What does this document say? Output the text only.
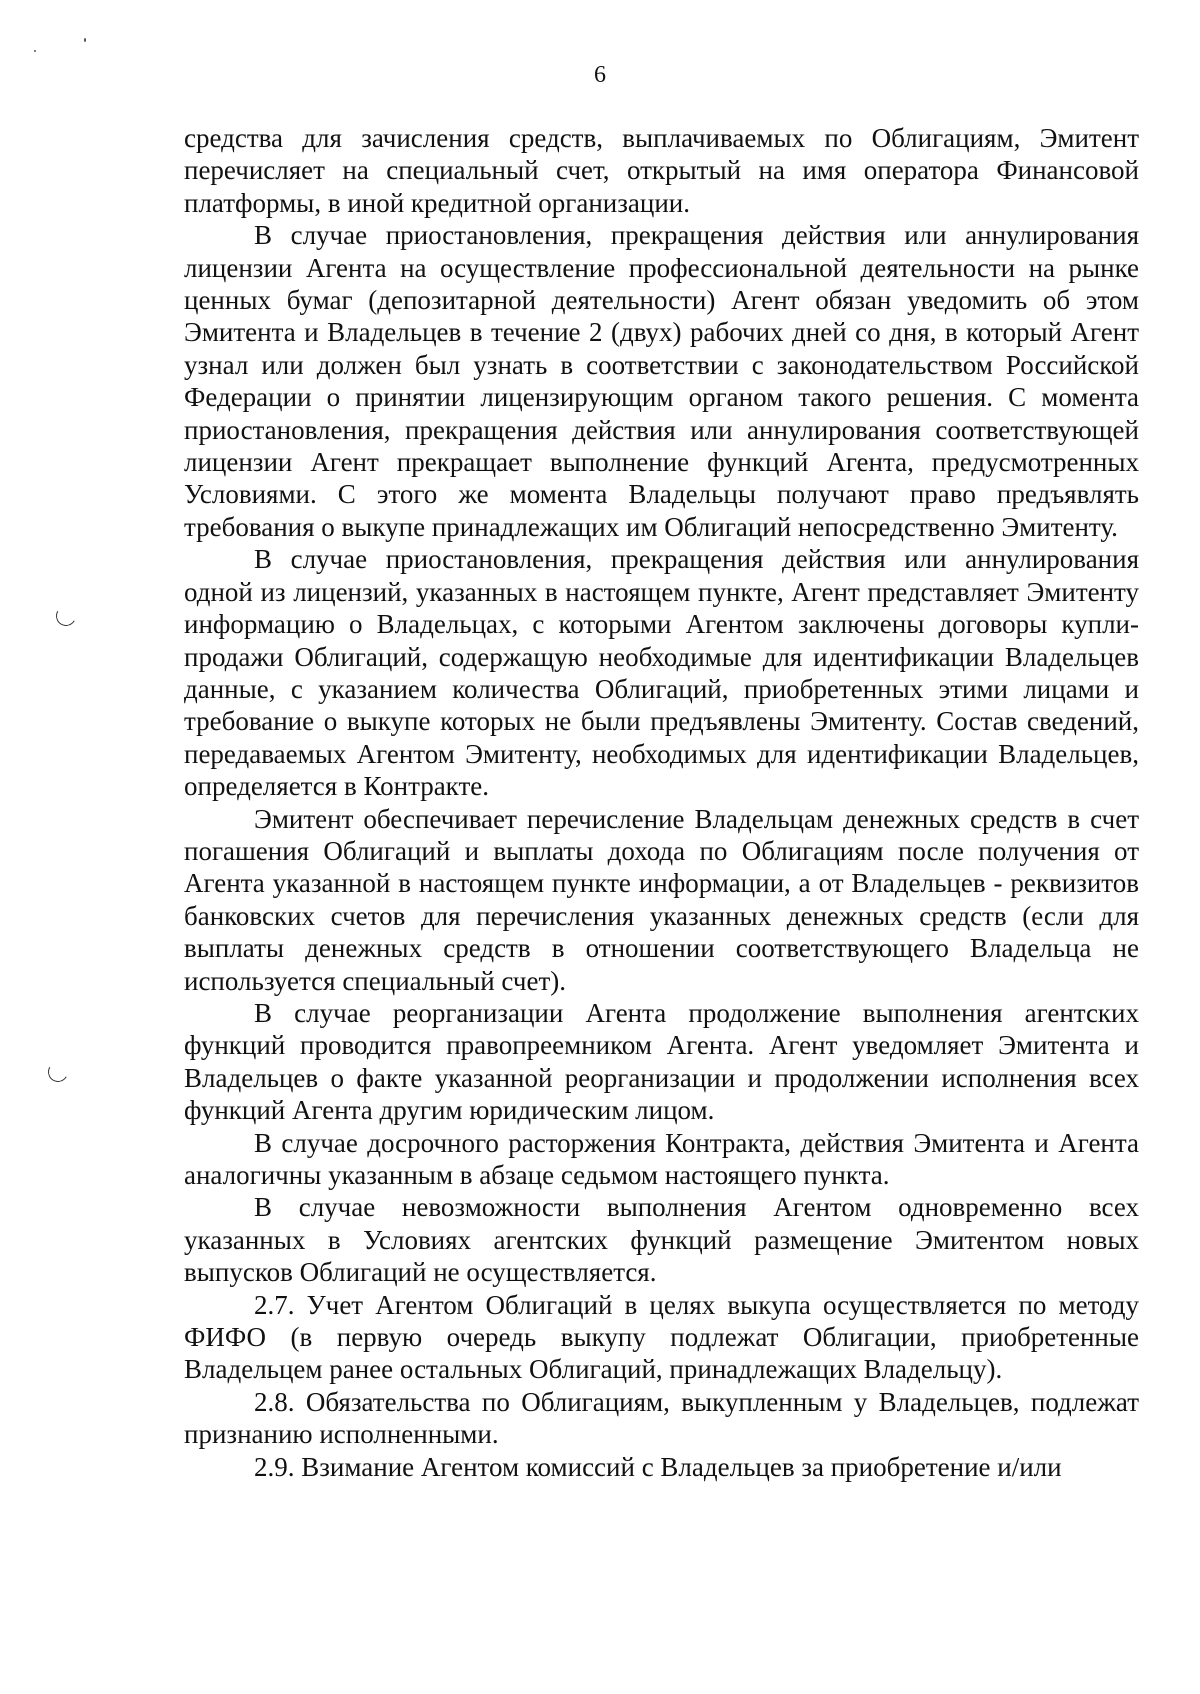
6

средства для зачисления средств, выплачиваемых по Облигациям, Эмитент перечисляет на специальный счет, открытый на имя оператора Финансовой платформы, в иной кредитной организации.

В случае приостановления, прекращения действия или аннулирования лицензии Агента на осуществление профессиональной деятельности на рынке ценных бумаг (депозитарной деятельности) Агент обязан уведомить об этом Эмитента и Владельцев в течение 2 (двух) рабочих дней со дня, в который Агент узнал или должен был узнать в соответствии с законодательством Российской Федерации о принятии лицензирующим органом такого решения. С момента приостановления, прекращения действия или аннулирования соответствующей лицензии Агент прекращает выполнение функций Агента, предусмотренных Условиями. С этого же момента Владельцы получают право предъявлять требования о выкупе принадлежащих им Облигаций непосредственно Эмитенту.

В случае приостановления, прекращения действия или аннулирования одной из лицензий, указанных в настоящем пункте, Агент представляет Эмитенту информацию о Владельцах, с которыми Агентом заключены договоры купли-продажи Облигаций, содержащую необходимые для идентификации Владельцев данные, с указанием количества Облигаций, приобретенных этими лицами и требование о выкупе которых не были предъявлены Эмитенту. Состав сведений, передаваемых Агентом Эмитенту, необходимых для идентификации Владельцев, определяется в Контракте.

Эмитент обеспечивает перечисление Владельцам денежных средств в счет погашения Облигаций и выплаты дохода по Облигациям после получения от Агента указанной в настоящем пункте информации, а от Владельцев - реквизитов банковских счетов для перечисления указанных денежных средств (если для выплаты денежных средств в отношении соответствующего Владельца не используется специальный счет).

В случае реорганизации Агента продолжение выполнения агентских функций проводится правопреемником Агента. Агент уведомляет Эмитента и Владельцев о факте указанной реорганизации и продолжении исполнения всех функций Агента другим юридическим лицом.

В случае досрочного расторжения Контракта, действия Эмитента и Агента аналогичны указанным в абзаце седьмом настоящего пункта.

В случае невозможности выполнения Агентом одновременно всех указанных в Условиях агентских функций размещение Эмитентом новых выпусков Облигаций не осуществляется.

2.7. Учет Агентом Облигаций в целях выкупа осуществляется по методу ФИФО (в первую очередь выкупу подлежат Облигации, приобретенные Владельцем ранее остальных Облигаций, принадлежащих Владельцу).

2.8. Обязательства по Облигациям, выкупленным у Владельцев, подлежат признанию исполненными.

2.9. Взимание Агентом комиссий с Владельцев за приобретение и/или
